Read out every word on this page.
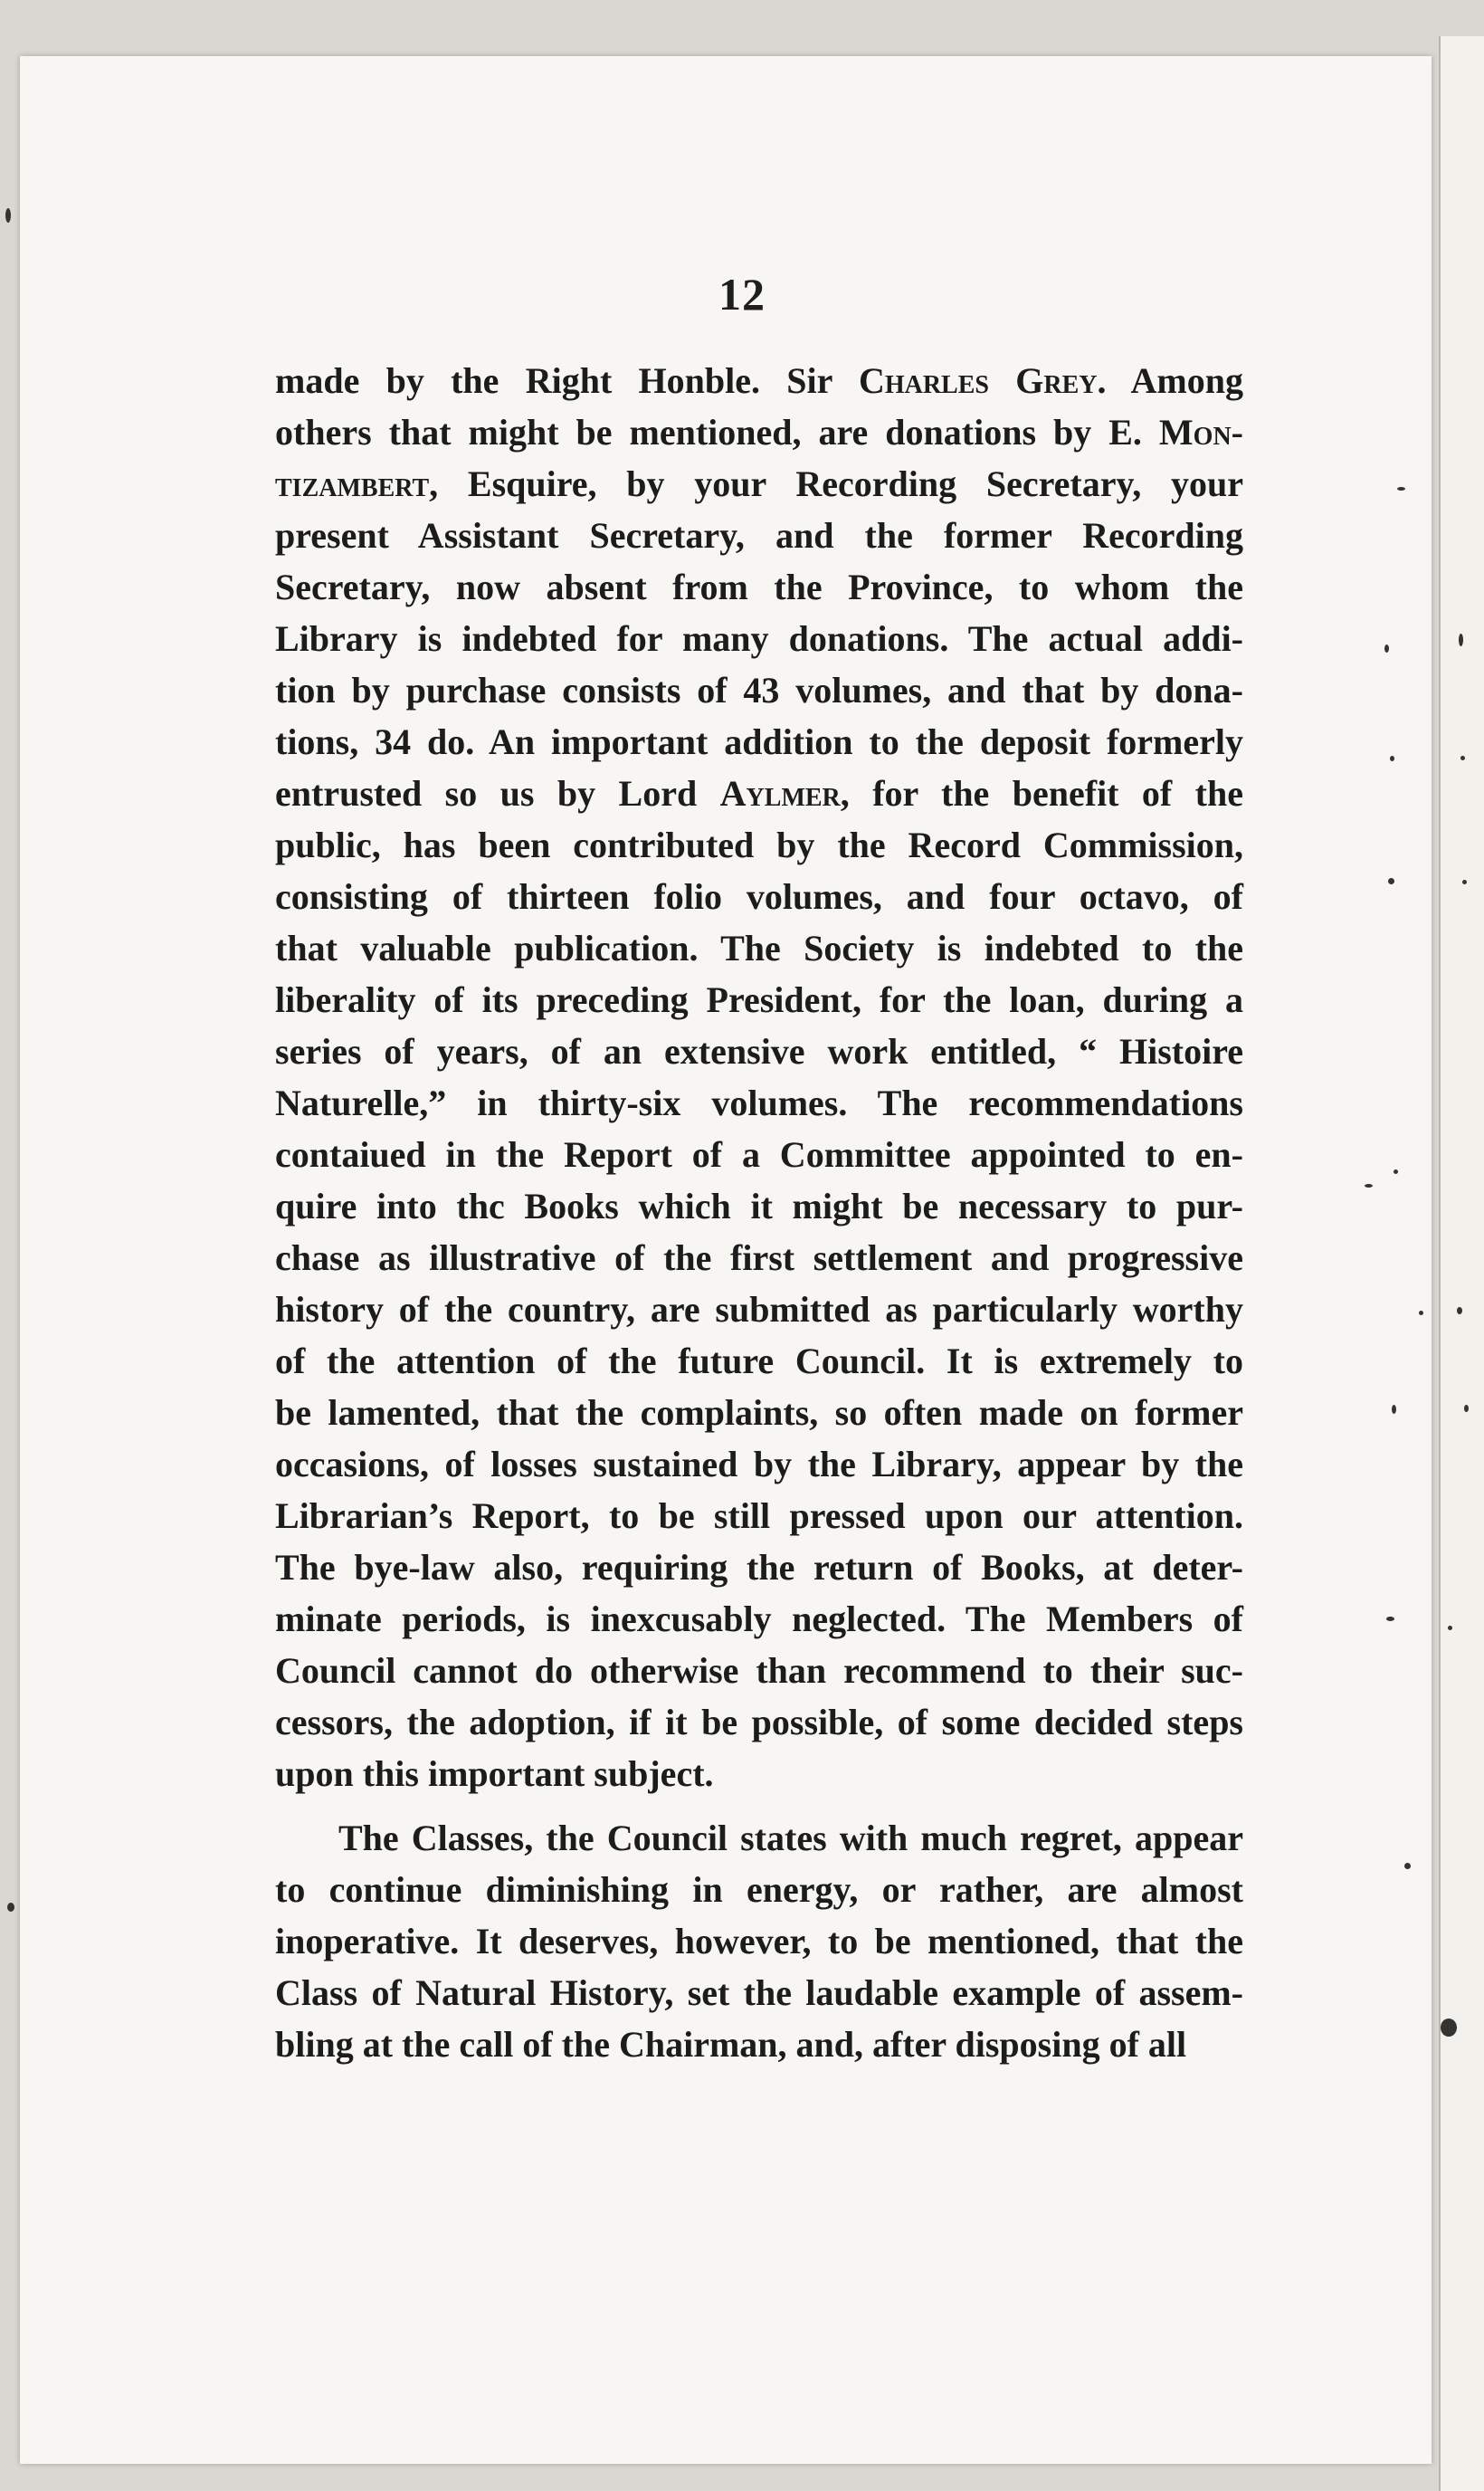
12
made by the Right Honble. Sir Charles Grey. Among
others that might be mentioned, are donations by E. Mon-
tizambert, Esquire, by your Recording Secretary, your
present Assistant Secretary, and the former Recording
Secretary, now absent from the Province, to whom the
Library is indebted for many donations. The actual addi-
tion by purchase consists of 43 volumes, and that by dona-
tions, 34 do. An important addition to the deposit formerly
entrusted so us by Lord Aylmer, for the benefit of the
public, has been contributed by the Record Commission,
consisting of thirteen folio volumes, and four octavo, of
that valuable publication. The Society is indebted to the
liberality of its preceding President, for the loan, during a
series of years, of an extensive work entitled, “ Histoire
Naturelle,” in thirty-six volumes. The recommendations
contaiued in the Report of a Committee appointed to en-
quire into thc Books which it might be necessary to pur-
chase as illustrative of the first settlement and progressive
history of the country, are submitted as particularly worthy
of the attention of the future Council. It is extremely to
be lamented, that the complaints, so often made on former
occasions, of losses sustained by the Library, appear by the
Librarian’s Report, to be still pressed upon our attention.
The bye-law also, requiring the return of Books, at deter-
minate periods, is inexcusably neglected. The Members of
Council cannot do otherwise than recommend to their suc-
cessors, the adoption, if it be possible, of some decided steps
upon this important subject.
The Classes, the Council states with much regret, appear
to continue diminishing in energy, or rather, are almost
inoperative. It deserves, however, to be mentioned, that the
Class of Natural History, set the laudable example of assem-
bling at the call of the Chairman, and, after disposing of all
